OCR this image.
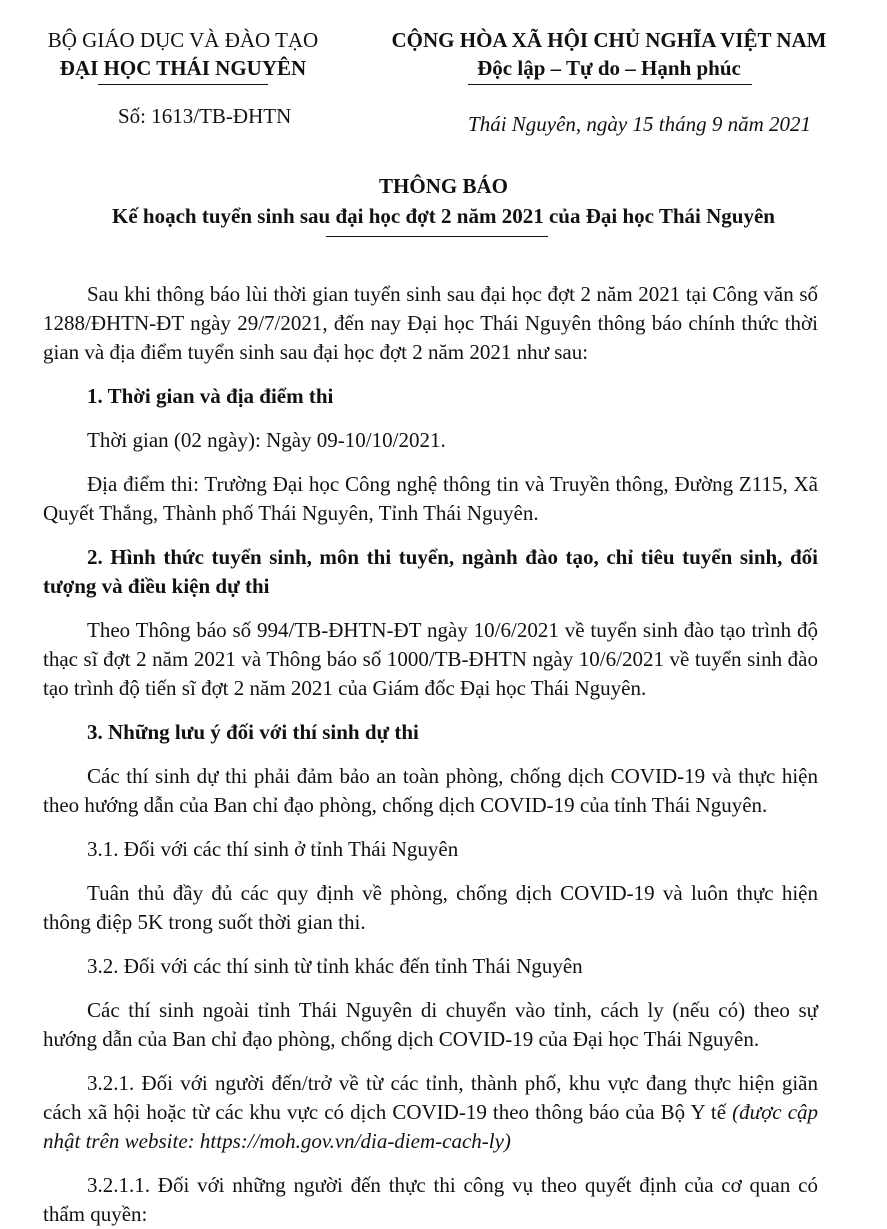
BỘ GIÁO DỤC VÀ ĐÀO TẠO
ĐẠI HỌC THÁI NGUYÊN
CỘNG HÒA XÃ HỘI CHỦ NGHĨA VIỆT NAM
Độc lập – Tự do – Hạnh phúc
Số: 1613/TB-ĐHTN	Thái Nguyên, ngày 15 tháng 9 năm 2021
THÔNG BÁO
Kế hoạch tuyển sinh sau đại học đợt 2 năm 2021 của Đại học Thái Nguyên

Sau khi thông báo lùi thời gian tuyển sinh sau đại học đợt 2 năm 2021 tại Công văn số 1288/ĐHTN-ĐT ngày 29/7/2021, đến nay Đại học Thái Nguyên thông báo chính thức thời gian và địa điểm tuyển sinh sau đại học đợt 2 năm 2021 như sau:

1. Thời gian và địa điểm thi

Thời gian (02 ngày): Ngày 09-10/10/2021.

Địa điểm thi: Trường Đại học Công nghệ thông tin và Truyền thông, Đường Z115, Xã Quyết Thắng, Thành phố Thái Nguyên, Tỉnh Thái Nguyên.

2. Hình thức tuyển sinh, môn thi tuyển, ngành đào tạo, chỉ tiêu tuyển sinh, đối tượng và điều kiện dự thi

Theo Thông báo số 994/TB-ĐHTN-ĐT ngày 10/6/2021 về tuyển sinh đào tạo trình độ thạc sĩ đợt 2 năm 2021 và Thông báo số 1000/TB-ĐHTN ngày 10/6/2021 về tuyển sinh đào tạo trình độ tiến sĩ đợt 2 năm 2021 của Giám đốc Đại học Thái Nguyên.

3. Những lưu ý đối với thí sinh dự thi

Các thí sinh dự thi phải đảm bảo an toàn phòng, chống dịch COVID-19 và thực hiện theo hướng dẫn của Ban chỉ đạo phòng, chống dịch COVID-19 của tỉnh Thái Nguyên.

3.1. Đối với các thí sinh ở tỉnh Thái Nguyên

Tuân thủ đầy đủ các quy định về phòng, chống dịch COVID-19 và luôn thực hiện thông điệp 5K trong suốt thời gian thi.

3.2. Đối với các thí sinh từ tỉnh khác đến tỉnh Thái Nguyên

Các thí sinh ngoài tỉnh Thái Nguyên di chuyển vào tỉnh, cách ly (nếu có) theo sự hướng dẫn của Ban chỉ đạo phòng, chống dịch COVID-19 của Đại học Thái Nguyên.

3.2.1. Đối với người đến/trở về từ các tỉnh, thành phố, khu vực đang thực hiện giãn cách xã hội hoặc từ các khu vực có dịch COVID-19 theo thông báo của Bộ Y tế (được cập nhật trên website: https://moh.gov.vn/dia-diem-cach-ly)

3.2.1.1. Đối với những người đến thực thi công vụ theo quyết định của cơ quan có thẩm quyền:
